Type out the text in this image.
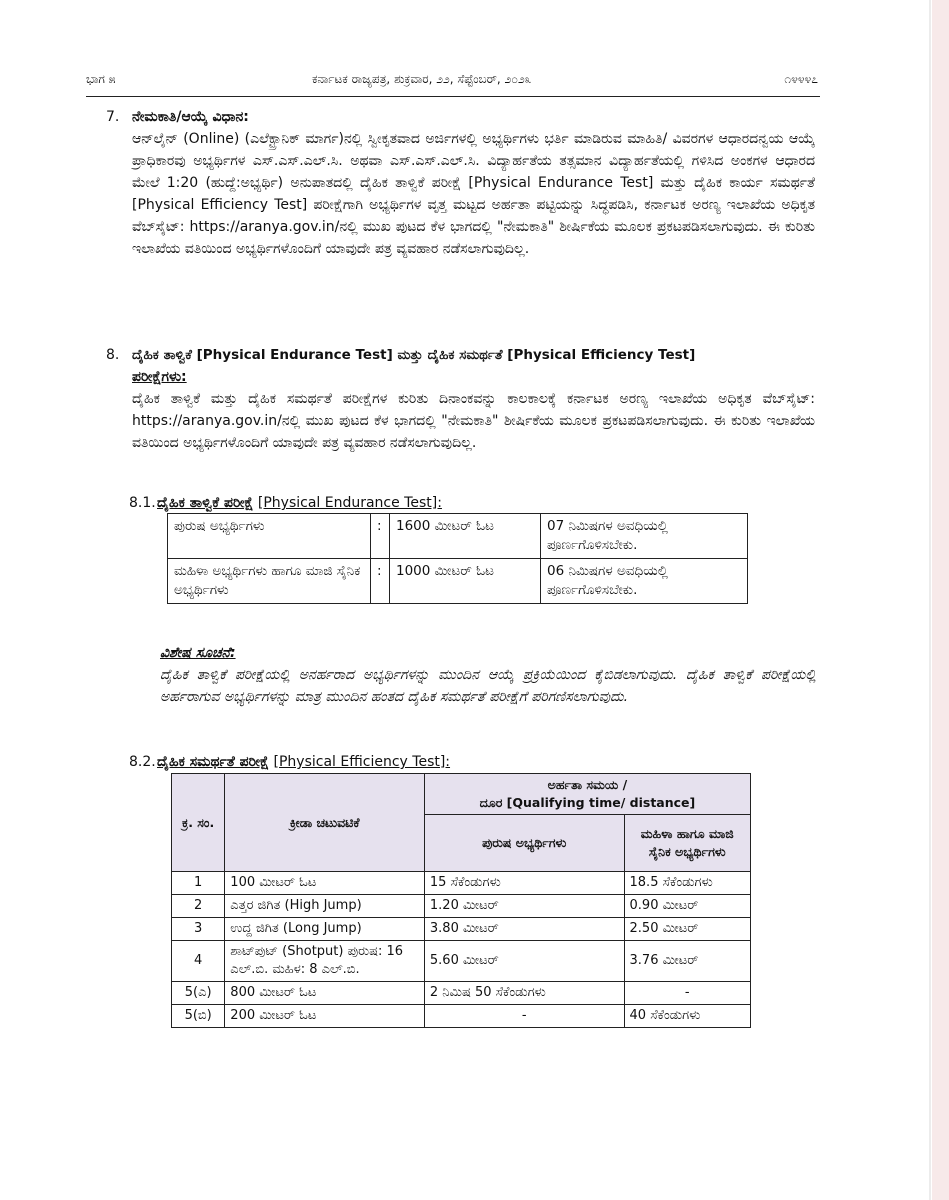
ಭಾಗ ೫	ಕರ್ನಾಟಕ ರಾಜ್ಯಪತ್ರ, ಶುಕ್ರವಾರ, ೨೨, ಸೆಪ್ಟೆಂಬರ್, ೨೦೨೩	೧೪೪೪೭
7. ನೇಮಕಾತಿ/ಆಯ್ಕೆ ವಿಧಾನ:
ಆನ್‌ಲೈನ್ (Online) (ಎಲೆಕ್ಟ್ರಾನಿಕ್ ಮಾರ್ಗ)ನಲ್ಲಿ ಸ್ವೀಕೃತವಾದ ಅರ್ಜಿಗಳಲ್ಲಿ ಅಭ್ಯರ್ಥಿಗಳು ಭರ್ತಿ ಮಾಡಿರುವ ಮಾಹಿತಿ/ ವಿವರಗಳ ಆಧಾರದನ್ವಯ ಆಯ್ಕೆ ಪ್ರಾಧಿಕಾರವು ಅಭ್ಯರ್ಥಿಗಳ ಎಸ್.ಎಸ್.ಎಲ್.ಸಿ. ಅಥವಾ ಎಸ್.ಎಸ್.ಎಲ್.ಸಿ. ವಿದ್ಯಾರ್ಹತೆಯ ತತ್ಸಮಾನ ವಿದ್ಯಾರ್ಹತೆಯಲ್ಲಿ ಗಳಿಸಿದ ಅಂಕಗಳ ಆಧಾರದ ಮೇಲೆ 1:20 (ಹುದ್ದೆ:ಅಭ್ಯರ್ಥಿ) ಅನುಪಾತದಲ್ಲಿ ದೈಹಿಕ ತಾಳ್ವಿಕೆ ಪರೀಕ್ಷೆ [Physical Endurance Test] ಮತ್ತು ದೈಹಿಕ ಕಾರ್ಯ ಸಮರ್ಥತೆ [Physical Efficiency Test] ಪರೀಕ್ಷೆಗಾಗಿ ಅಭ್ಯರ್ಥಿಗಳ ವೃತ್ತ ಮಟ್ಟದ ಅರ್ಹತಾ ಪಟ್ಟಿಯನ್ನು ಸಿದ್ಧಪಡಿಸಿ, ಕರ್ನಾಟಕ ಅರಣ್ಯ ಇಲಾಖೆಯ ಅಧಿಕೃತ ವೆಬ್‌ಸೈಟ್: https://aranya.gov.in/ನಲ್ಲಿ ಮುಖ ಪುಟದ ಕೆಳ ಭಾಗದಲ್ಲಿ "ನೇಮಕಾತಿ" ಶೀರ್ಷಿಕೆಯ ಮೂಲಕ ಪ್ರಕಟಪಡಿಸಲಾಗುವುದು. ಈ ಕುರಿತು ಇಲಾಖೆಯ ವತಿಯಿಂದ ಅಭ್ಯರ್ಥಿಗಳೊಂದಿಗೆ ಯಾವುದೇ ಪತ್ರ ವ್ಯವಹಾರ ನಡೆಸಲಾಗುವುದಿಲ್ಲ.
8. ದೈಹಿಕ ತಾಳ್ವಿಕೆ [Physical Endurance Test] ಮತ್ತು ದೈಹಿಕ ಸಮರ್ಥತೆ [Physical Efficiency Test]
ಪರೀಕ್ಷೆಗಳು:
ದೈಹಿಕ ತಾಳ್ವಿಕೆ ಮತ್ತು ದೈಹಿಕ ಸಮರ್ಥತೆ ಪರೀಕ್ಷೆಗಳ ಕುರಿತು ದಿನಾಂಕವನ್ನು ಕಾಲಕಾಲಕ್ಕೆ ಕರ್ನಾಟಕ ಅರಣ್ಯ ಇಲಾಖೆಯ ಅಧಿಕೃತ ವೆಬ್‌ಸೈಟ್: https://aranya.gov.in/ನಲ್ಲಿ ಮುಖ ಪುಟದ ಕೆಳ ಭಾಗದಲ್ಲಿ "ನೇಮಕಾತಿ" ಶೀರ್ಷಿಕೆಯ ಮೂಲಕ ಪ್ರಕಟಪಡಿಸಲಾಗುವುದು. ಈ ಕುರಿತು ಇಲಾಖೆಯ ವತಿಯಿಂದ ಅಭ್ಯರ್ಥಿಗಳೊಂದಿಗೆ ಯಾವುದೇ ಪತ್ರ ವ್ಯವಹಾರ ನಡೆಸಲಾಗುವುದಿಲ್ಲ.
8.1.ದೈಹಿಕ ತಾಳ್ವಿಕೆ ಪರೀಕ್ಷೆ [Physical Endurance Test]:
ಪುರುಷ ಅಭ್ಯರ್ಥಿಗಳು	:	1600 ಮೀಟರ್ ಓಟ	07 ನಿಮಿಷಗಳ ಅವಧಿಯಲ್ಲಿ ಪೂರ್ಣಗೊಳಿಸಬೇಕು.
ಮಹಿಳಾ ಅಭ್ಯರ್ಥಿಗಳು ಹಾಗೂ ಮಾಜಿ ಸೈನಿಕ ಅಭ್ಯರ್ಥಿಗಳು	:	1000 ಮೀಟರ್ ಓಟ	06 ನಿಮಿಷಗಳ ಅವಧಿಯಲ್ಲಿ ಪೂರ್ಣಗೊಳಿಸಬೇಕು.
ವಿಶೇಷ ಸೂಚನೆ:
ದೈಹಿಕ ತಾಳ್ವಿಕೆ ಪರೀಕ್ಷೆಯಲ್ಲಿ ಅನರ್ಹರಾದ ಅಭ್ಯರ್ಥಿಗಳನ್ನು ಮುಂದಿನ ಆಯ್ಕೆ ಪ್ರಕ್ರಿಯೆಯಿಂದ ಕೈಬಿಡಲಾಗುವುದು. ದೈಹಿಕ ತಾಳ್ವಿಕೆ ಪರೀಕ್ಷೆಯಲ್ಲಿ ಅರ್ಹರಾಗುವ ಅಭ್ಯರ್ಥಿಗಳನ್ನು ಮಾತ್ರ ಮುಂದಿನ ಹಂತದ ದೈಹಿಕ ಸಮರ್ಥತೆ ಪರೀಕ್ಷೆಗೆ ಪರಿಗಣಿಸಲಾಗುವುದು.
8.2.ದೈಹಿಕ ಸಮರ್ಥತೆ ಪರೀಕ್ಷೆ [Physical Efficiency Test]:
ಕ್ರ. ಸಂ.	ಕ್ರೀಡಾ ಚಟುವಟಿಕೆ	ಅರ್ಹತಾ ಸಮಯ /
ದೂರ [Qualifying time/ distance]	

		ಪುರುಷ ಅಭ್ಯರ್ಥಿಗಳು	ಮಹಿಳಾ ಹಾಗೂ ಮಾಜಿ ಸೈನಿಕ ಅಭ್ಯರ್ಥಿಗಳು
1	100 ಮೀಟರ್ ಓಟ	15 ಸೆಕೆಂಡುಗಳು	18.5 ಸೆಕೆಂಡುಗಳು
2	ಎತ್ತರ ಜಿಗಿತ (High Jump)	1.20 ಮೀಟರ್	0.90 ಮೀಟರ್
3	ಉದ್ದ ಜಿಗಿತ (Long Jump)	3.80 ಮೀಟರ್	2.50 ಮೀಟರ್
4	ಶಾಟ್‌ಪುಟ್ (Shotput) ಪುರುಷ: 16 ಎಲ್.ಬಿ. ಮಹಿಳ: 8 ಎಲ್.ಬಿ.	5.60 ಮೀಟರ್	3.76 ಮೀಟರ್
5(ಎ)	800 ಮೀಟರ್ ಓಟ	2 ನಿಮಿಷ 50 ಸೆಕೆಂಡುಗಳು	-
5(ಬಿ)	200 ಮೀಟರ್ ಓಟ	-	40 ಸೆಕೆಂಡುಗಳು
